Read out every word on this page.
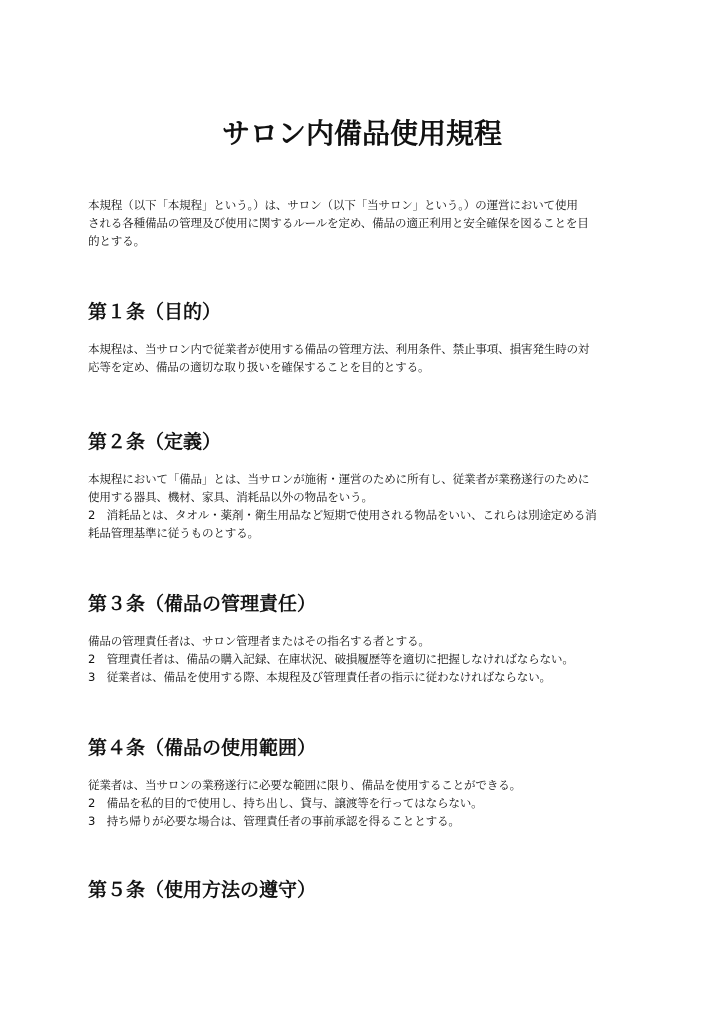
サロン内備品使用規程

本規程（以下「本規程」という。）は、サロン（以下「当サロン」という。）の運営において使用

される各種備品の管理及び使用に関するルールを定め、備品の適正利用と安全確保を図ることを目

的とする。

第１条（目的）

本規程は、当サロン内で従業者が使用する備品の管理方法、利用条件、禁止事項、損害発生時の対

応等を定め、備品の適切な取り扱いを確保することを目的とする。

第２条（定義）

本規程において「備品」とは、当サロンが施術・運営のために所有し、従業者が業務遂行のために

使用する器具、機材、家具、消耗品以外の物品をいう。

2　消耗品とは、タオル・薬剤・衛生用品など短期で使用される物品をいい、これらは別途定める消

耗品管理基準に従うものとする。

第３条（備品の管理責任）

備品の管理責任者は、サロン管理者またはその指名する者とする。

2　管理責任者は、備品の購入記録、在庫状況、破損履歴等を適切に把握しなければならない。

3　従業者は、備品を使用する際、本規程及び管理責任者の指示に従わなければならない。

第４条（備品の使用範囲）

従業者は、当サロンの業務遂行に必要な範囲に限り、備品を使用することができる。

2　備品を私的目的で使用し、持ち出し、貸与、譲渡等を行ってはならない。

3　持ち帰りが必要な場合は、管理責任者の事前承認を得ることとする。

第５条（使用方法の遵守）
